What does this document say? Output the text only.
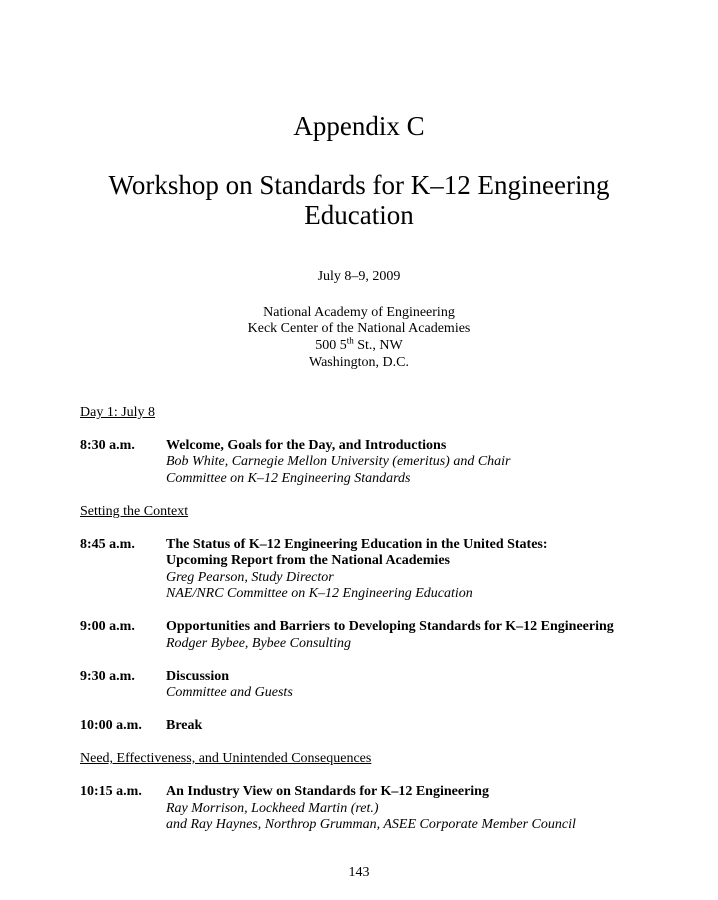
Appendix C
Workshop on Standards for K–12 Engineering
Education
July 8–9, 2009
National Academy of Engineering
Keck Center of the National Academies
500 5th St., NW
Washington, D.C.
Day 1: July 8
8:30 a.m. Welcome, Goals for the Day, and Introductions
Bob White, Carnegie Mellon University (emeritus) and Chair
Committee on K–12 Engineering Standards
Setting the Context
8:45 a.m. The Status of K–12 Engineering Education in the United States:
Upcoming Report from the National Academies
Greg Pearson, Study Director
NAE/NRC Committee on K–12 Engineering Education
9:00 a.m. Opportunities and Barriers to Developing Standards for K–12 Engineering
Rodger Bybee, Bybee Consulting
9:30 a.m. Discussion
Committee and Guests
10:00 a.m. Break
Need, Effectiveness, and Unintended Consequences
10:15 a.m. An Industry View on Standards for K–12 Engineering
Ray Morrison, Lockheed Martin (ret.)
and Ray Haynes, Northrop Grumman, ASEE Corporate Member Council
143
